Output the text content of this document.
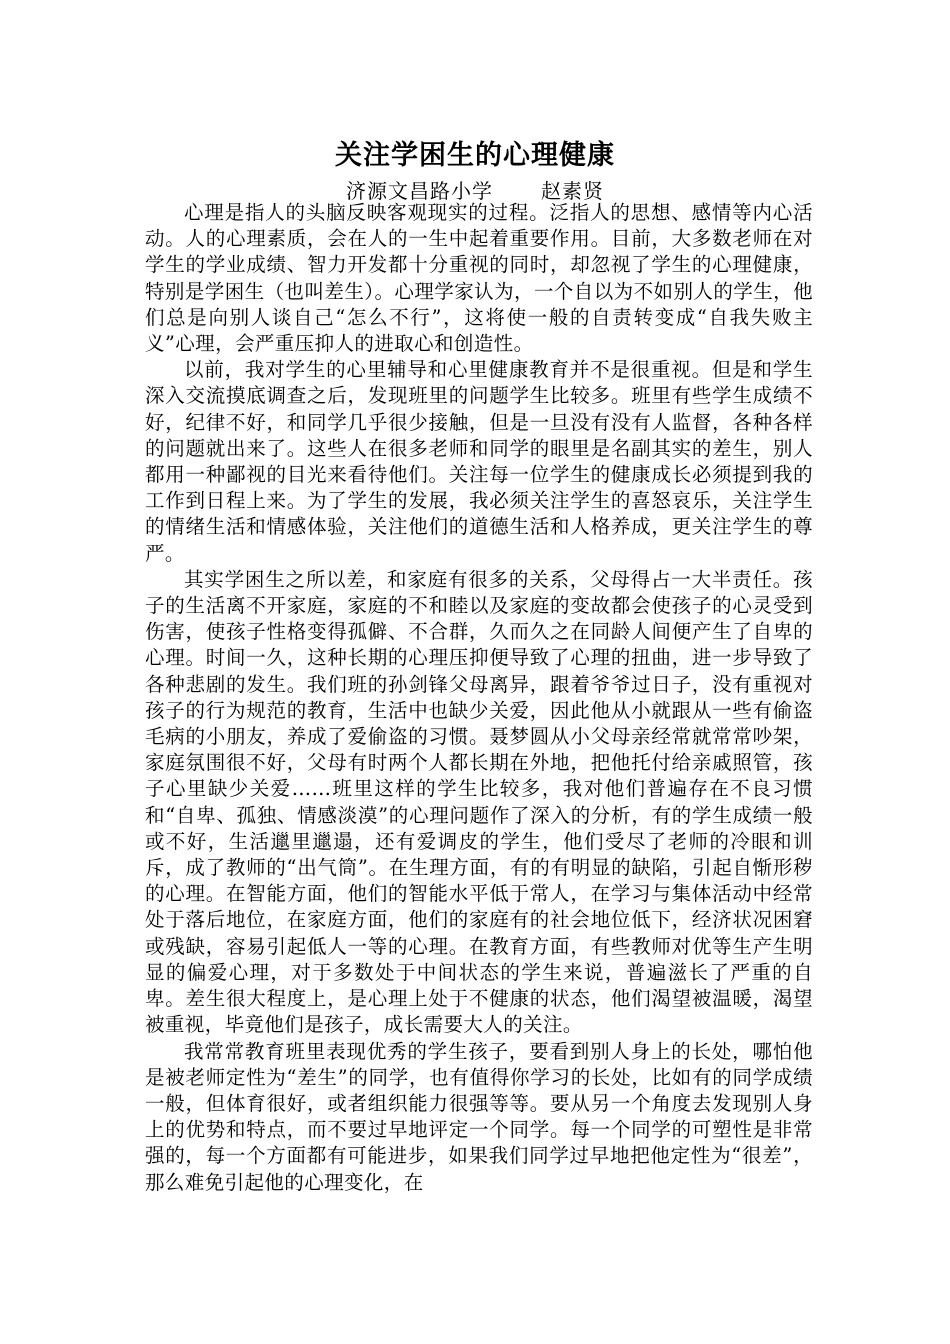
关注学困生的心理健康
济源文昌路小学 赵素贤

心理是指人的头脑反映客观现实的过程。泛指人的思想、感情等内心活动。人的心理素质，会在人的一生中起着重要作用。目前，大多数老师在对学生的学业成绩、智力开发都十分重视的同时，却忽视了学生的心理健康，特别是学困生（也叫差生）。心理学家认为，一个自以为不如别人的学生，他们总是向别人谈自己“怎么不行”，这将使一般的自责转变成“自我失败主义”心理，会严重压抑人的进取心和创造性。

以前，我对学生的心里辅导和心里健康教育并不是很重视。但是和学生深入交流摸底调查之后，发现班里的问题学生比较多。班里有些学生成绩不好，纪律不好，和同学几乎很少接触，但是一旦没有没有人监督，各种各样的问题就出来了。这些人在很多老师和同学的眼里是名副其实的差生，别人都用一种鄙视的目光来看待他们。关注每一位学生的健康成长必须提到我的工作到日程上来。为了学生的发展，我必须关注学生的喜怒哀乐，关注学生的情绪生活和情感体验，关注他们的道德生活和人格养成，更关注学生的尊严。

其实学困生之所以差，和家庭有很多的关系，父母得占一大半责任。孩子的生活离不开家庭，家庭的不和睦以及家庭的变故都会使孩子的心灵受到伤害，使孩子性格变得孤僻、不合群，久而久之在同龄人间便产生了自卑的心理。时间一久，这种长期的心理压抑便导致了心理的扭曲，进一步导致了各种悲剧的发生。我们班的孙剑锋父母离异，跟着爷爷过日子，没有重视对孩子的行为规范的教育，生活中也缺少关爱，因此他从小就跟从一些有偷盗毛病的小朋友，养成了爱偷盗的习惯。聂梦圆从小父母亲经常就常常吵架，家庭氛围很不好，父母有时两个人都长期在外地，把他托付给亲戚照管，孩子心里缺少关爱……班里这样的学生比较多，我对他们普遍存在不良习惯和“自卑、孤独、情感淡漠”的心理问题作了深入的分析，有的学生成绩一般或不好，生活邋里邋遢，还有爱调皮的学生，他们受尽了老师的冷眼和训斥，成了教师的“出气筒”。在生理方面，有的有明显的缺陷，引起自惭形秽的心理。在智能方面，他们的智能水平低于常人，在学习与集体活动中经常处于落后地位，在家庭方面，他们的家庭有的社会地位低下，经济状况困窘或残缺，容易引起低人一等的心理。在教育方面，有些教师对优等生产生明显的偏爱心理，对于多数处于中间状态的学生来说，普遍滋长了严重的自卑。差生很大程度上，是心理上处于不健康的状态，他们渴望被温暖，渴望被重视，毕竟他们是孩子，成长需要大人的关注。

我常常教育班里表现优秀的学生孩子，要看到别人身上的长处，哪怕他是被老师定性为“差生”的同学，也有值得你学习的长处，比如有的同学成绩一般，但体育很好，或者组织能力很强等等。要从另一个角度去发现别人身上的优势和特点，而不要过早地评定一个同学。每一个同学的可塑性是非常强的，每一个方面都有可能进步，如果我们同学过早地把他定性为“很差”，那么难免引起他的心理变化，在
